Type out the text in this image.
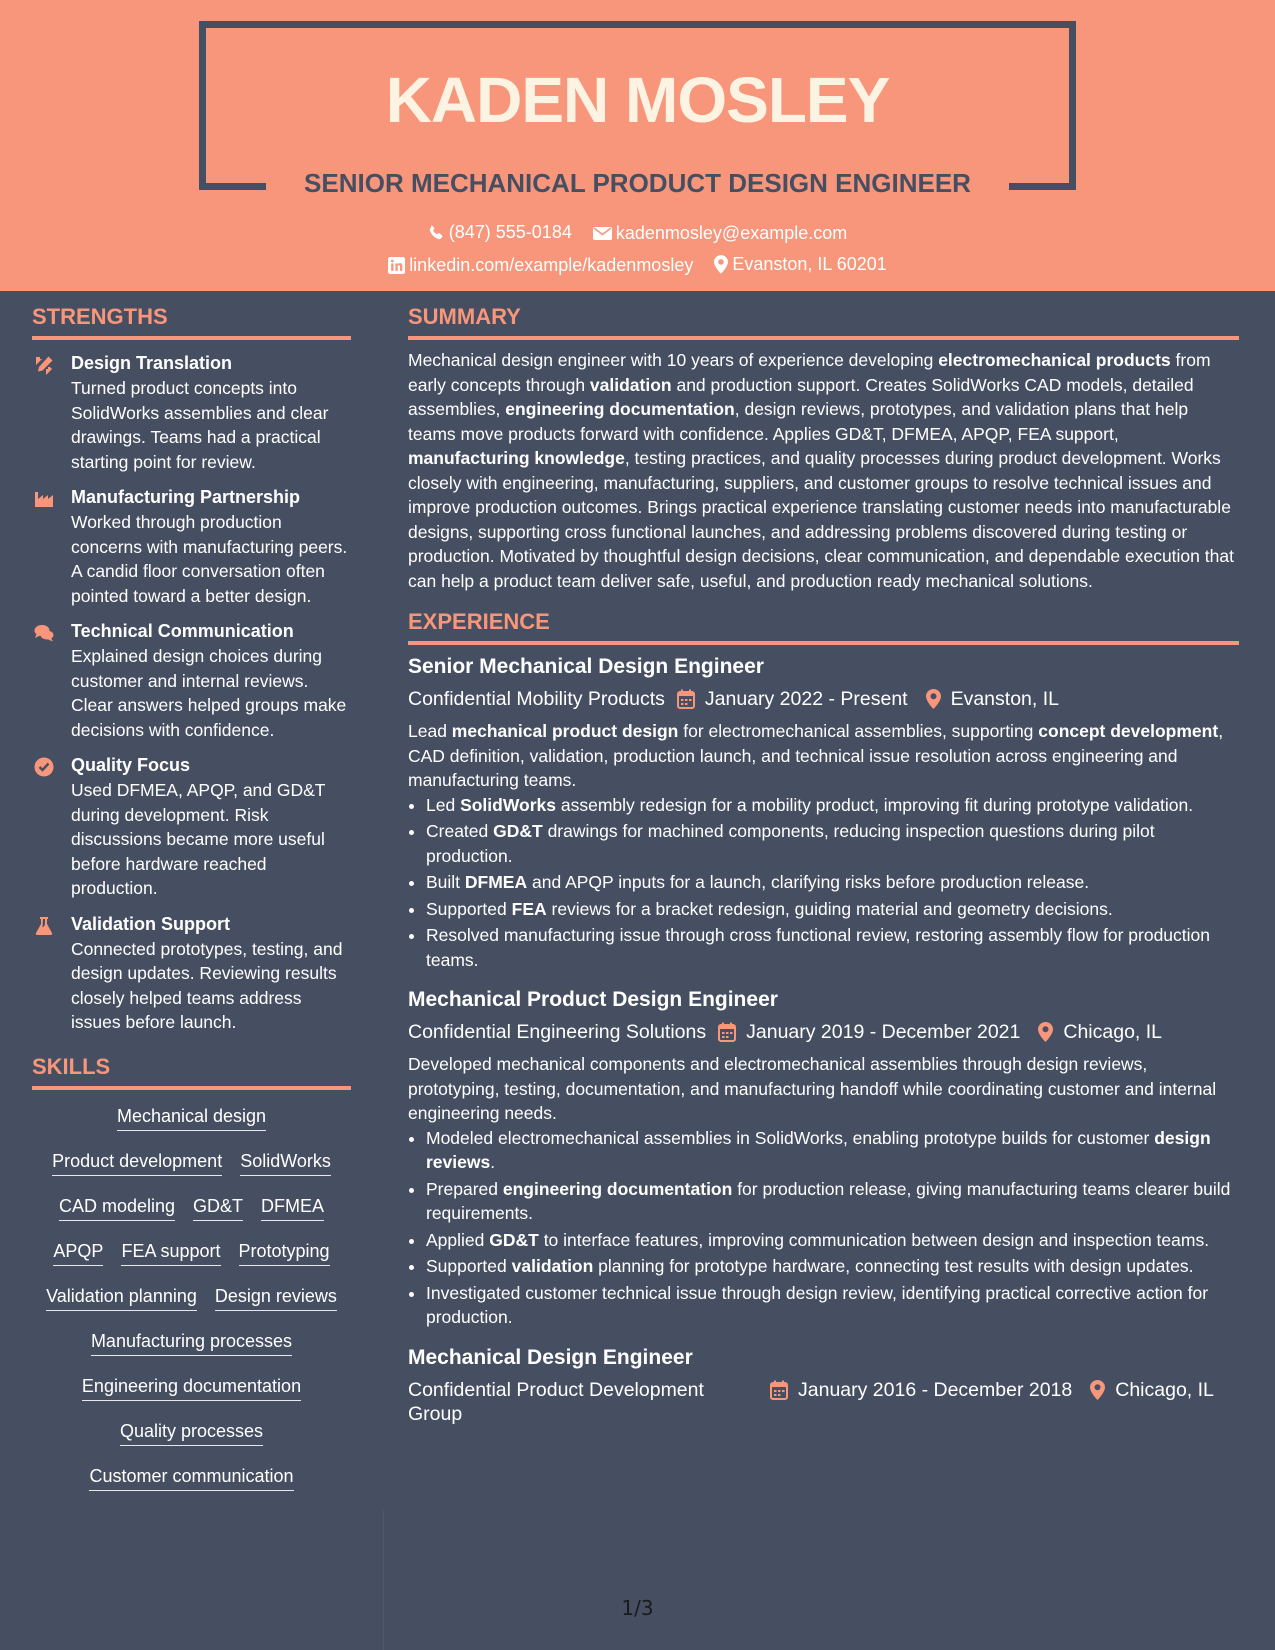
KADEN MOSLEY
SENIOR MECHANICAL PRODUCT DESIGN ENGINEER
(847) 555-0184
kadenmosley@example.com
linkedin.com/example/kadenmosley
Evanston, IL 60201
STRENGTHS
Design Translation
Turned product concepts into SolidWorks assemblies and clear drawings. Teams had a practical starting point for review.
Manufacturing Partnership
Worked through production concerns with manufacturing peers. A candid floor conversation often pointed toward a better design.
Technical Communication
Explained design choices during customer and internal reviews. Clear answers helped groups make decisions with confidence.
Quality Focus
Used DFMEA, APQP, and GD&T during development. Risk discussions became more useful before hardware reached production.
Validation Support
Connected prototypes, testing, and design updates. Reviewing results closely helped teams address issues before launch.
SKILLS
Mechanical design
Product development SolidWorks
CAD modeling GD&T DFMEA
APQP FEA support Prototyping
Validation planning Design reviews
Manufacturing processes
Engineering documentation
Quality processes
Customer communication
SUMMARY
Mechanical design engineer with 10 years of experience developing electromechanical products from early concepts through validation and production support. Creates SolidWorks CAD models, detailed assemblies, engineering documentation, design reviews, prototypes, and validation plans that help teams move products forward with confidence. Applies GD&T, DFMEA, APQP, FEA support, manufacturing knowledge, testing practices, and quality processes during product development. Works closely with engineering, manufacturing, suppliers, and customer groups to resolve technical issues and improve production outcomes. Brings practical experience translating customer needs into manufacturable designs, supporting cross functional launches, and addressing problems discovered during testing or production. Motivated by thoughtful design decisions, clear communication, and dependable execution that can help a product team deliver safe, useful, and production ready mechanical solutions.
EXPERIENCE
Senior Mechanical Design Engineer
Confidential Mobility Products January 2022 - Present Evanston, IL
Lead mechanical product design for electromechanical assemblies, supporting concept development, CAD definition, validation, production launch, and technical issue resolution across engineering and manufacturing teams.
• Led SolidWorks assembly redesign for a mobility product, improving fit during prototype validation.
• Created GD&T drawings for machined components, reducing inspection questions during pilot production.
• Built DFMEA and APQP inputs for a launch, clarifying risks before production release.
• Supported FEA reviews for a bracket redesign, guiding material and geometry decisions.
• Resolved manufacturing issue through cross functional review, restoring assembly flow for production teams.
Mechanical Product Design Engineer
Confidential Engineering Solutions January 2019 - December 2021 Chicago, IL
Developed mechanical components and electromechanical assemblies through design reviews, prototyping, testing, documentation, and manufacturing handoff while coordinating customer and internal engineering needs.
• Modeled electromechanical assemblies in SolidWorks, enabling prototype builds for customer design reviews.
• Prepared engineering documentation for production release, giving manufacturing teams clearer build requirements.
• Applied GD&T to interface features, improving communication between design and inspection teams.
• Supported validation planning for prototype hardware, connecting test results with design updates.
• Investigated customer technical issue through design review, identifying practical corrective action for production.
Mechanical Design Engineer
Confidential Product Development Group
January 2016 - December 2018 Chicago, IL
1/3
